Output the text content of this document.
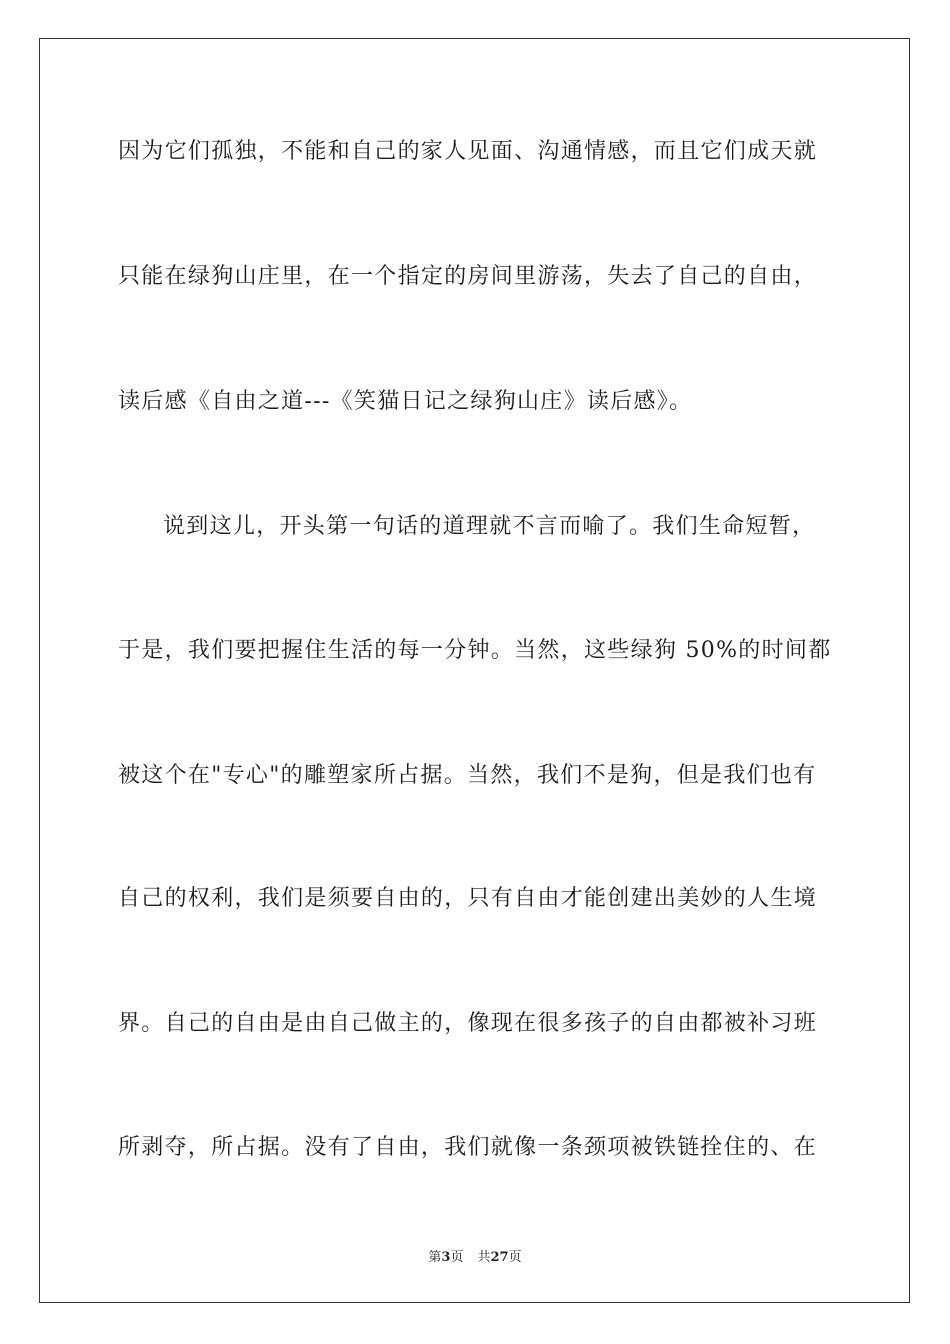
因为它们孤独，不能和自己的家人见面、沟通情感，而且它们成天就
只能在绿狗山庄里，在一个指定的房间里游荡，失去了自己的自由，
读后感《自由之道---《笑猫日记之绿狗山庄》读后感》。
说到这儿，开头第一句话的道理就不言而喻了。我们生命短暂，
于是，我们要把握住生活的每一分钟。当然，这些绿狗 50%的时间都
被这个在"专心"的雕塑家所占据。当然，我们不是狗，但是我们也有
自己的权利，我们是须要自由的，只有自由才能创建出美妙的人生境
界。自己的自由是由自己做主的，像现在很多孩子的自由都被补习班
所剥夺，所占据。没有了自由，我们就像一条颈项被铁链拴住的、在
第3页 共27页
